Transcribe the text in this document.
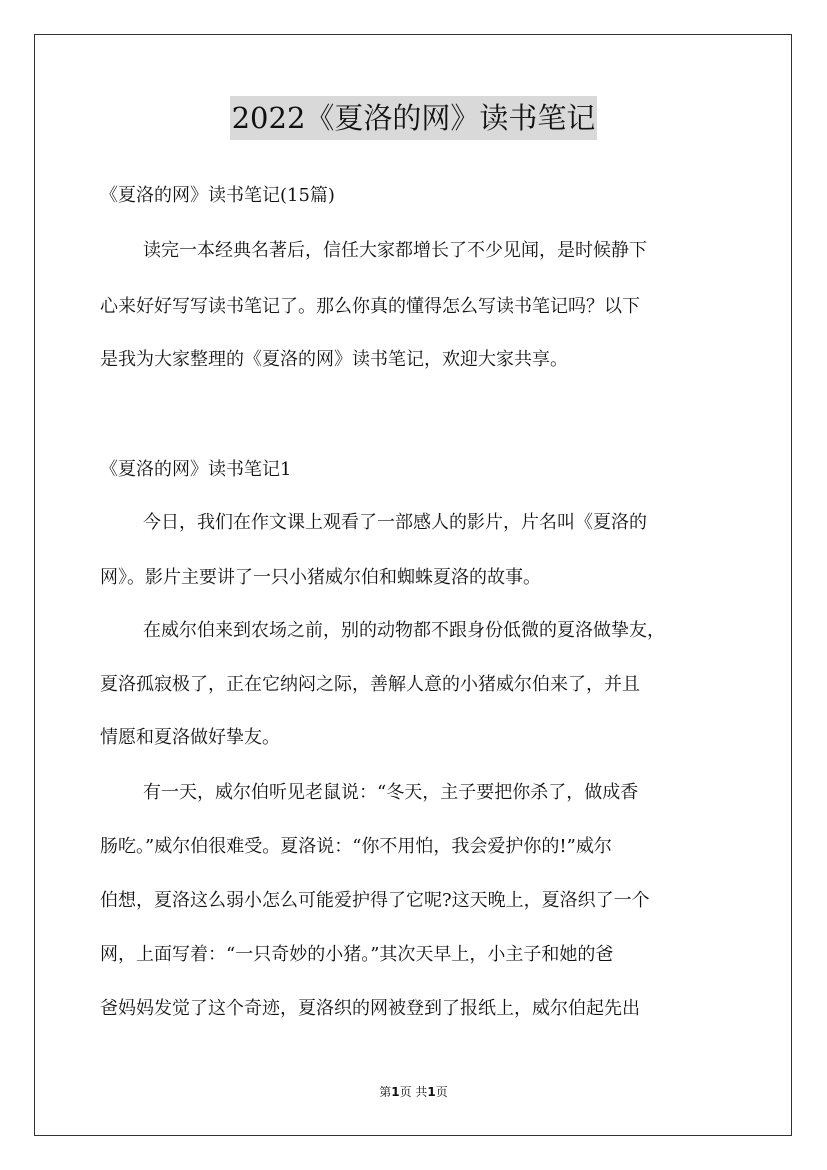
2022《夏洛的网》读书笔记
《夏洛的网》读书笔记(15篇)
读完一本经典名著后，信任大家都增长了不少见闻，是时候静下
心来好好写写读书笔记了。那么你真的懂得怎么写读书笔记吗？以下
是我为大家整理的《夏洛的网》读书笔记，欢迎大家共享。
《夏洛的网》读书笔记1
今日，我们在作文课上观看了一部感人的影片，片名叫《夏洛的
网》。影片主要讲了一只小猪威尔伯和蜘蛛夏洛的故事。
在威尔伯来到农场之前，别的动物都不跟身份低微的夏洛做挚友，
夏洛孤寂极了，正在它纳闷之际，善解人意的小猪威尔伯来了，并且
情愿和夏洛做好挚友。
有一天，威尔伯听见老鼠说：“冬天，主子要把你杀了，做成香
肠吃。”威尔伯很难受。夏洛说：“你不用怕，我会爱护你的!”威尔
伯想，夏洛这么弱小怎么可能爱护得了它呢?这天晚上，夏洛织了一个
网，上面写着：“一只奇妙的小猪。”其次天早上，小主子和她的爸
爸妈妈发觉了这个奇迹，夏洛织的网被登到了报纸上，威尔伯起先出
第1页 共1页
